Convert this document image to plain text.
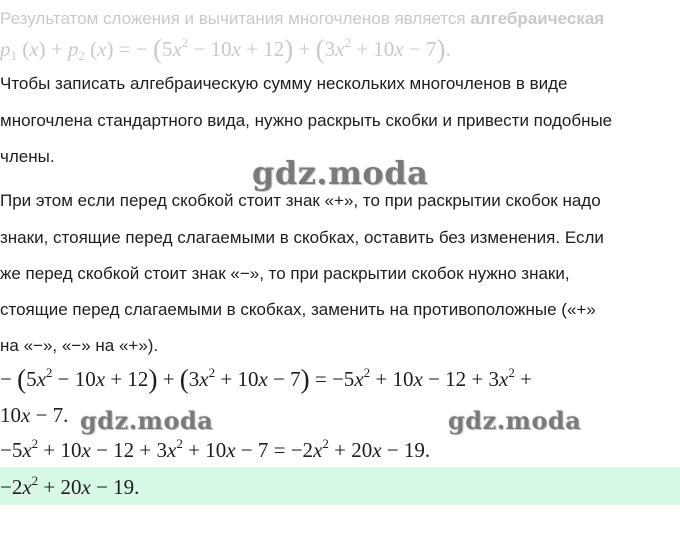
Результатом сложения и вычитания многочленов является алгебраическая
$p_1$ $(x) + p_2$ (x) = − $(5x^2 - 10x + 12) + (3x^2 + 10x - 7)$.
Чтобы записать алгебраическую сумму нескольких многочленов в виде
многочлена стандартного вида, нужно раскрыть скобки и привести подобные
члены.
При этом если перед скобкой стоит знак «+», то при раскрытии скобок надо
знаки, стоящие перед слагаемыми в скобках, оставить без изменения. Если
же перед скобкой стоит знак «−», то при раскрытии скобок нужно знаки,
стоящие перед слагаемыми в скобках, заменить на противоположные («+»
на «−», «−» на «+»).
− $(5x^2 - 10x + 12) + (3x^2 + 10x - 7) = -5x^2 + 10x - 12 + 3x^2$ +
10x − 7.
$-5x^2 + 10x - 12 + 3x^2 + 10x - 7 = -2x^2 + 20x - 19$.
$-2x^2 + 20x - 19$.
gdz.moda
gdz.moda	gdz.moda
